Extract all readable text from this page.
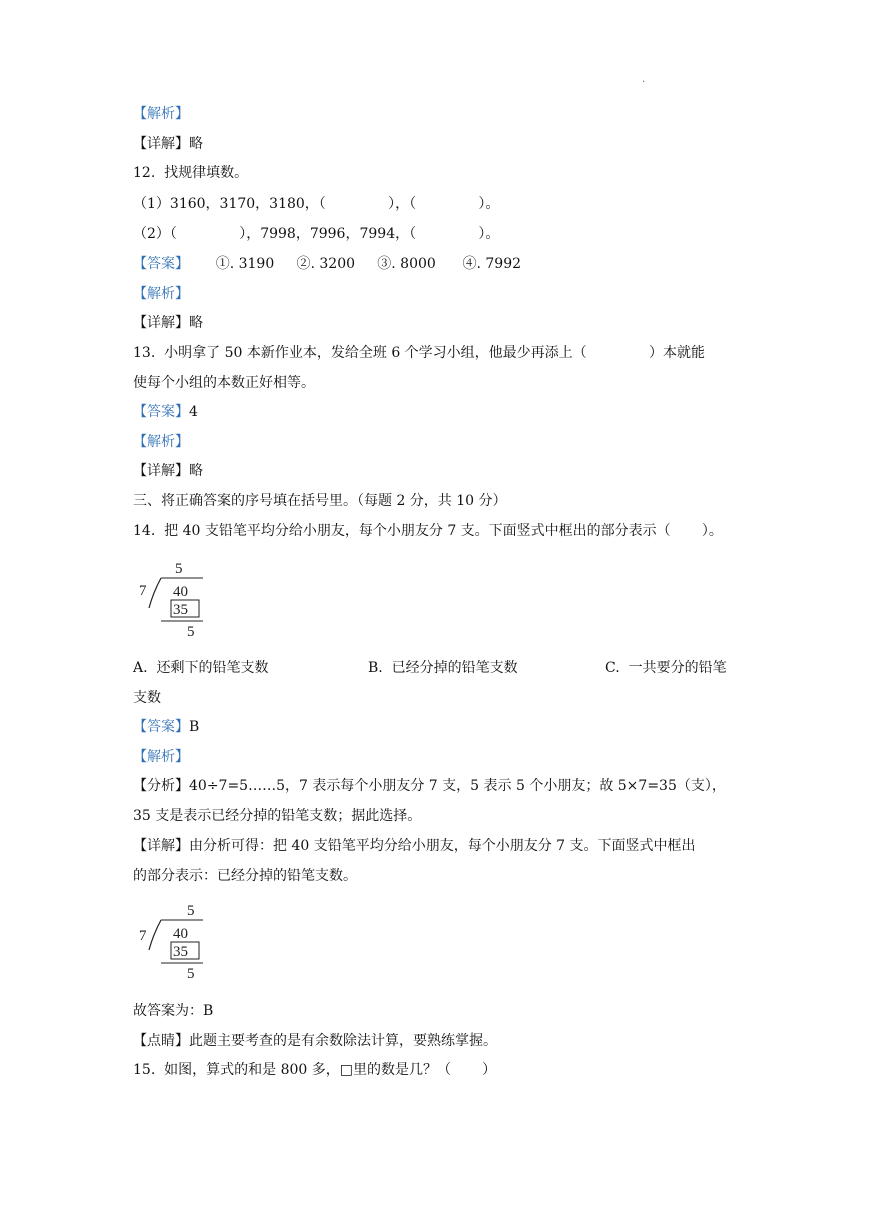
.
【解析】
【详解】略
12.  找规律填数。
（1）3160，3170，3180，（              ），（              ）。
（2）（              ），7998，7996，7994，（              ）。
【答案】      ①. 3190     ②. 3200     ③. 8000      ④. 7992
【解析】
【详解】略
13.  小明拿了 50 本新作业本，发给全班 6 个学习小组，他最少再添上（              ）本就能
使每个小组的本数正好相等。
【答案】4
【解析】
【详解】略
三、将正确答案的序号填在括号里。（每题 2 分，共 10 分）
14.  把 40 支铅笔平均分给小朋友，每个小朋友分 7 支。下面竖式中框出的部分表示（       ）。
5
7 40
35
5
A.  还剩下的铅笔支数	B.  已经分掉的铅笔支数	C.  一共要分的铅笔
支数
【答案】B
【解析】
【分析】40÷7=5……5，7 表示每个小朋友分 7 支，5 表示 5 个小朋友；故 5×7=35（支），
35 支是表示已经分掉的铅笔支数；据此选择。
【详解】由分析可得：把 40 支铅笔平均分给小朋友，每个小朋友分 7 支。下面竖式中框出
的部分表示：已经分掉的铅笔支数。
5
7 40
35
5
故答案为：B
【点睛】此题主要考查的是有余数除法计算，要熟练掌握。
15.  如图，算式的和是 800 多，□里的数是几？（       ）
